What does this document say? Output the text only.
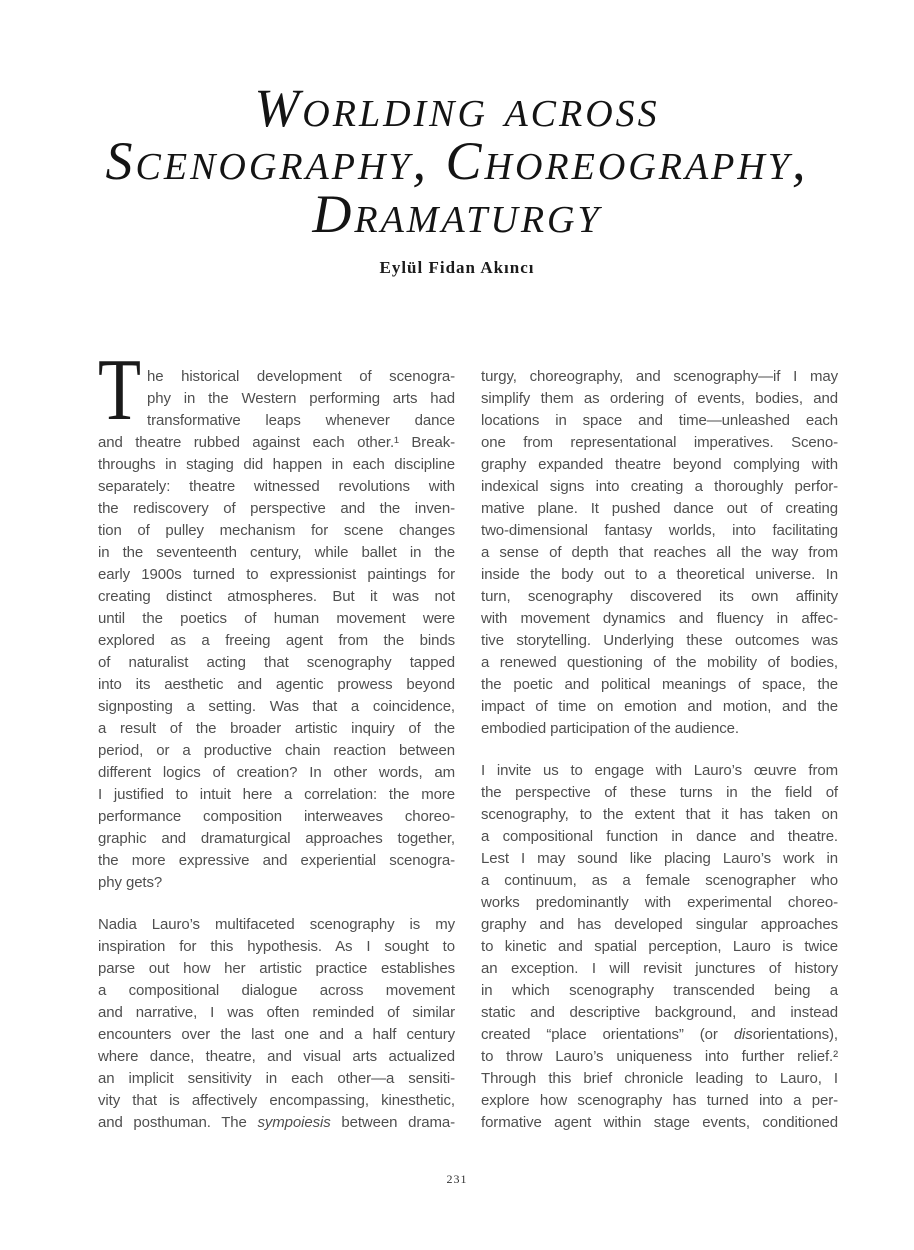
Worlding across
Scenography, Choreography,
Dramaturgy
Eylül Fidan Akıncı
T he historical development of scenogra-
phy in the Western performing arts had
transformative leaps whenever dance
and theatre rubbed against each other.¹ Break-
throughs in staging did happen in each discipline
separately: theatre witnessed revolutions with
the rediscovery of perspective and the inven-
tion of pulley mechanism for scene changes
in the seventeenth century, while ballet in the
early 1900s turned to expressionist paintings for
creating distinct atmospheres. But it was not
until the poetics of human movement were
explored as a freeing agent from the binds
of naturalist acting that scenography tapped
into its aesthetic and agentic prowess beyond
signposting a setting. Was that a coincidence,
a result of the broader artistic inquiry of the
period, or a productive chain reaction between
different logics of creation? In other words, am
I justified to intuit here a correlation: the more
performance composition interweaves choreo-
graphic and dramaturgical approaches together,
the more expressive and experiential scenogra-
phy gets?
Nadia Lauro’s multifaceted scenography is my
inspiration for this hypothesis. As I sought to
parse out how her artistic practice establishes
a compositional dialogue across movement
and narrative, I was often reminded of similar
encounters over the last one and a half century
where dance, theatre, and visual arts actualized
an implicit sensitivity in each other—a sensiti-
vity that is affectively encompassing, kinesthetic,
and posthuman. The sympoiesis between drama-
turgy, choreography, and scenography—if I may
simplify them as ordering of events, bodies, and
locations in space and time—unleashed each
one from representational imperatives. Sceno-
graphy expanded theatre beyond complying with
indexical signs into creating a thoroughly perfor-
mative plane. It pushed dance out of creating
two-dimensional fantasy worlds, into facilitating
a sense of depth that reaches all the way from
inside the body out to a theoretical universe. In
turn, scenography discovered its own affinity
with movement dynamics and fluency in affec-
tive storytelling. Underlying these outcomes was
a renewed questioning of the mobility of bodies,
the poetic and political meanings of space, the
impact of time on emotion and motion, and the
embodied participation of the audience.
I invite us to engage with Lauro’s œuvre from
the perspective of these turns in the field of
scenography, to the extent that it has taken on
a compositional function in dance and theatre.
Lest I may sound like placing Lauro’s work in
a continuum, as a female scenographer who
works predominantly with experimental choreo-
graphy and has developed singular approaches
to kinetic and spatial perception, Lauro is twice
an exception. I will revisit junctures of history
in which scenography transcended being a
static and descriptive background, and instead
created “place orientations” (or disorientations),
to throw Lauro’s uniqueness into further relief.²
Through this brief chronicle leading to Lauro, I
explore how scenography has turned into a per-
formative agent within stage events, conditioned
231
